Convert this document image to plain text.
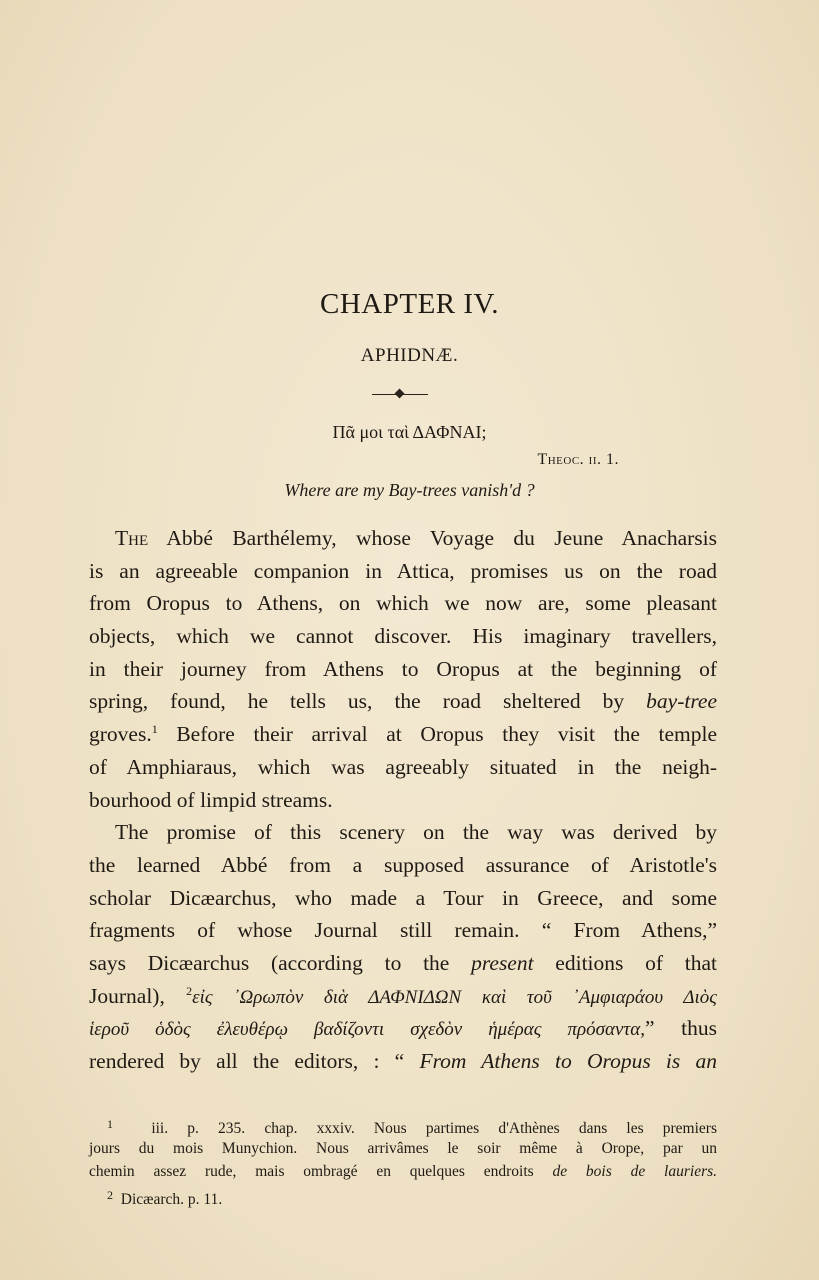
CHAPTER IV.
APHIDNÆ.
Πᾶ μοι ταὶ ΔΑΦΝΑΙ;
Theoc. ii. 1.
Where are my Bay-trees vanish'd ?
The Abbé Barthélemy, whose Voyage du Jeune Anacharsis
is an agreeable companion in Attica, promises us on the road
from Oropus to Athens, on which we now are, some pleasant
objects, which we cannot discover. His imaginary travellers,
in their journey from Athens to Oropus at the beginning of
spring, found, he tells us, the road sheltered by bay-tree
groves.$^1$ Before their arrival at Oropus they visit the temple
of Amphiaraus, which was agreeably situated in the neigh-
bourhood of limpid streams.
The promise of this scenery on the way was derived by
the learned Abbé from a supposed assurance of Aristotle's
scholar Dicæarchus, who made a Tour in Greece, and some
fragments of whose Journal still remain. “ From Athens,”
says Dicæarchus (according to the present editions of that
Journal), $^2$εἰς ᾿Ωρωπὸν διὰ ΔΑΦΝΙΔΩΝ καὶ τοῦ ᾿Αμφιαράου Διὸς
ἱεροῦ ὁδὸς ἐλευθέρῳ βαδίζοντι σχεδὸν ἡμέρας πρόσαντα,” thus
rendered by all the editors, : “ From Athens to Oropus is an
$^1$ iii. p. 235. chap. xxxiv. Nous partimes d'Athènes dans les premiers
jours du mois Munychion. Nous arrivâmes le soir même à Orope, par un
chemin assez rude, mais ombragé en quelques endroits de bois de lauriers.
$^2$ Dicæarch. p. 11.
